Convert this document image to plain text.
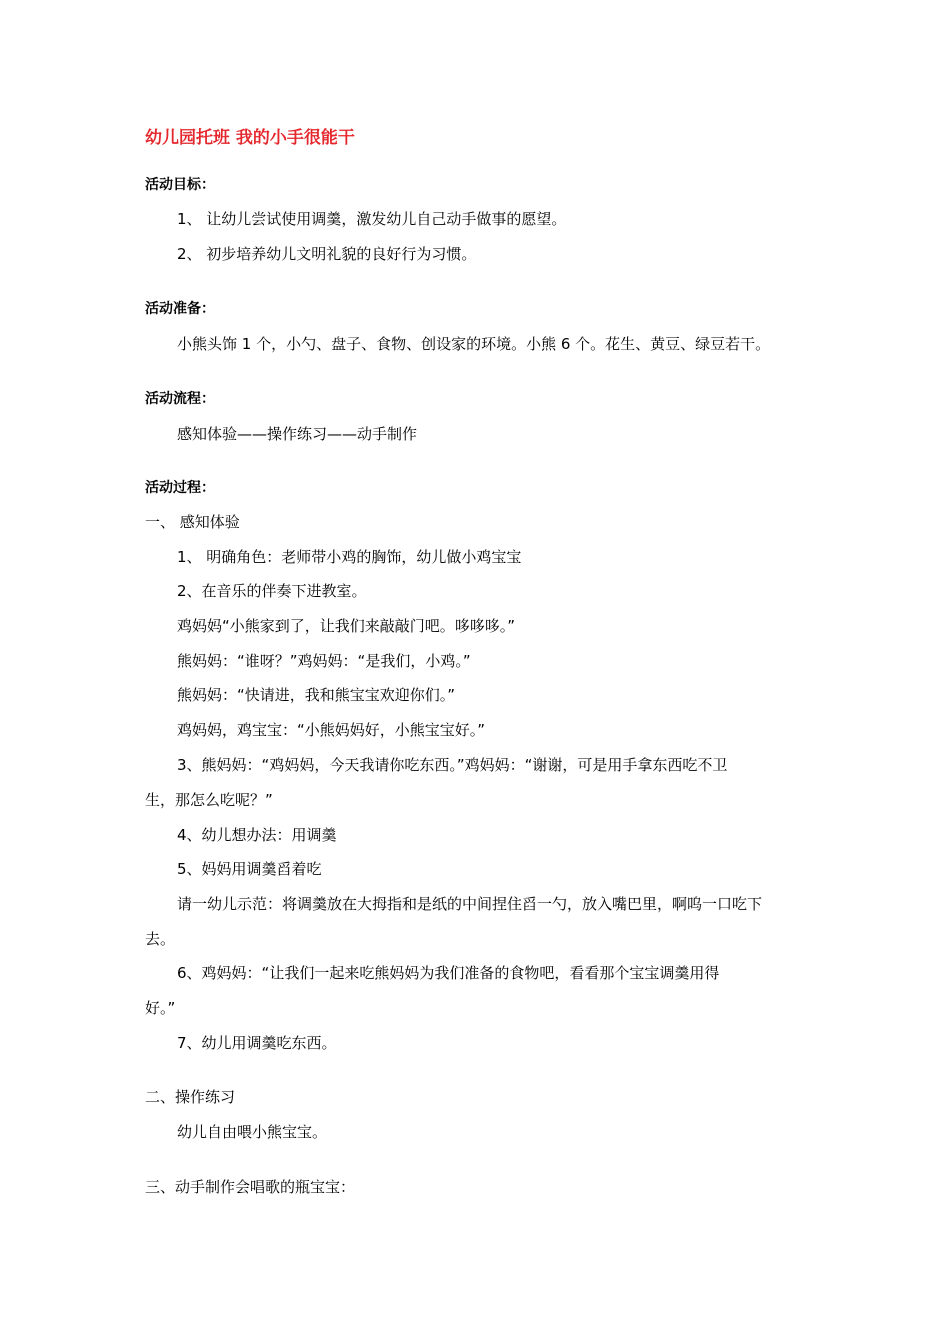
幼儿园托班 我的小手很能干
活动目标：
1、 让幼儿尝试使用调羹，激发幼儿自己动手做事的愿望。
2、 初步培养幼儿文明礼貌的良好行为习惯。
活动准备：
小熊头饰 1 个，小勺、盘子、食物、创设家的环境。小熊 6 个。花生、黄豆、绿豆若干。
活动流程：
感知体验——操作练习——动手制作
活动过程：
一、 感知体验
1、 明确角色：老师带小鸡的胸饰，幼儿做小鸡宝宝
2、在音乐的伴奏下进教室。
鸡妈妈“小熊家到了，让我们来敲敲门吧。哆哆哆。”
熊妈妈：“谁呀？”鸡妈妈：“是我们，小鸡。”
熊妈妈：“快请进，我和熊宝宝欢迎你们。”
鸡妈妈，鸡宝宝：“小熊妈妈好，小熊宝宝好。”
3、熊妈妈：“鸡妈妈，今天我请你吃东西。”鸡妈妈：“谢谢，可是用手拿东西吃不卫
生，那怎么吃呢？”
4、幼儿想办法：用调羹
5、妈妈用调羹舀着吃
请一幼儿示范：将调羹放在大拇指和是纸的中间捏住舀一勺，放入嘴巴里，啊呜一口吃下
去。
6、鸡妈妈：“让我们一起来吃熊妈妈为我们准备的食物吧，看看那个宝宝调羹用得
好。”
7、幼儿用调羹吃东西。
二、操作练习
幼儿自由喂小熊宝宝。
三、动手制作会唱歌的瓶宝宝：
